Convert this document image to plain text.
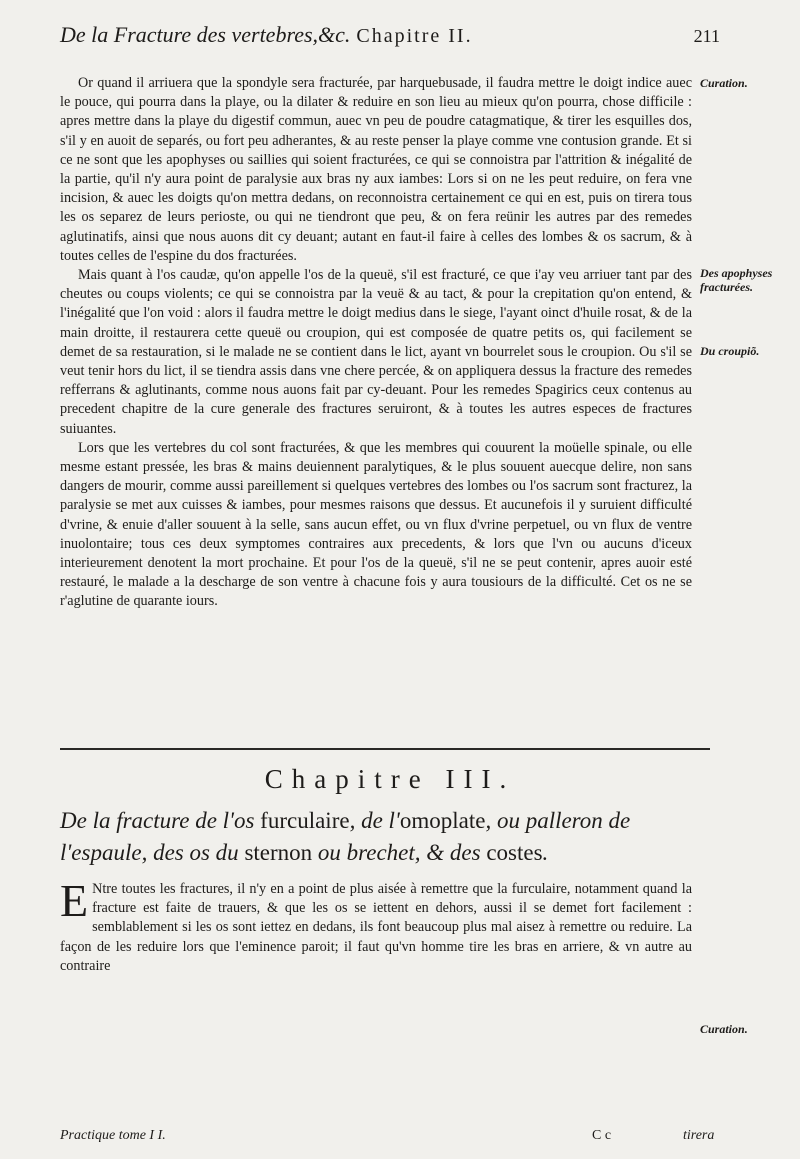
De la Fracture des vertebres,&c. Chapitre II.	211

Or quand il arriuera que la spondyle sera fracturée, par harquebusade, il faudra mettre le doigt indice auec le pouce, qui pourra dans la playe, ou la dilater & reduire en son lieu au mieux qu'on pourra, chose difficile : apres mettre dans la playe du digestif commun, auec vn peu de poudre catagmatique, & tirer les esquilles dos, s'il y en auoit de separés, ou fort peu adherantes, & au reste penser la playe comme vne contusion grande. Et si ce ne sont que les apophyses ou saillies qui soient fracturées, ce qui se connoistra par l'attrition & inégalité de la partie, qu'il n'y aura point de paralysie aux bras ny aux iambes: Lors si on ne les peut reduire, on fera vne incision, & auec les doigts qu'on mettra dedans, on reconnoistra certainement ce qui en est, puis on tirera tous les os separez de leurs perioste, ou qui ne tiendront que peu, & on fera reünir les autres par des remedes aglutinatifs, ainsi que nous auons dit cy deuant; autant en faut-il faire à celles des lombes & os sacrum, & à toutes celles de l'espine du dos fracturées.

Mais quant à l'os caudæ, qu'on appelle l'os de la queuë, s'il est fracturé, ce que i'ay veu arriuer tant par des cheutes ou coups violents; ce qui se connoistra par la veuë & au tact, & pour la crepitation qu'on entend, & l'inégalité que l'on void : alors il faudra mettre le doigt medius dans le siege, l'ayant oinct d'huile rosat, & de la main droitte, il restaurera cette queuë ou croupion, qui est composée de quatre petits os, qui facilement se demet de sa restauration, si le malade ne se contient dans le lict, ayant vn bourrelet sous le croupion. Ou s'il se veut tenir hors du lict, il se tiendra assis dans vne chere percée, & on appliquera dessus la fracture des remedes refferrans & aglutinants, comme nous auons fait par cy-deuant. Pour les remedes Spagirics ceux contenus au precedent chapitre de la cure generale des fractures seruiront, & à toutes les autres especes de fractures suiuantes.

Lors que les vertebres du col sont fracturées, & que les membres qui couurent la moüelle spinale, ou elle mesme estant pressée, les bras & mains deuiennent paralytiques, & le plus souuent auecque delire, non sans dangers de mourir, comme aussi pareillement si quelques vertebres des lombes ou l'os sacrum sont fracturez, la paralysie se met aux cuisses & iambes, pour mesmes raisons que dessus. Et aucunefois il y suruient difficulté d'vrine, & enuie d'aller souuent à la selle, sans aucun effet, ou vn flux d'vrine perpetuel, ou vn flux de ventre inuolontaire; tous ces deux symptomes contraires aux precedents, & lors que l'vn ou aucuns d'iceux interieurement denotent la mort prochaine. Et pour l'os de la queuë, s'il ne se peut contenir, apres auoir esté restauré, le malade a la descharge de son ventre à chacune fois y aura tousiours de la difficulté. Cet os ne se r'aglutine de quarante iours.

Curation.
Des apophyses fracturées.
Du croupiõ.
Chapitre III.
De la fracture de l'os furculaire, de l'omoplate, ou palleron de l'espaule, des os du sternon ou brechet, & des costes.

E Ntre toutes les fractures, il n'y en a point de plus aisée à remettre que la furculaire, notamment quand la fracture est faite de trauers, & que les os se iettent en dehors, aussi il se demet fort facilement : semblablement si les os sont iettez en dedans, ils font beaucoup plus mal aisez à remettre ou reduire. La façon de les reduire lors que l'eminence paroit; il faut qu'vn homme tire les bras en arriere, & vn autre au contraire

Curation.
Practique tome I I.	C c	tirera
